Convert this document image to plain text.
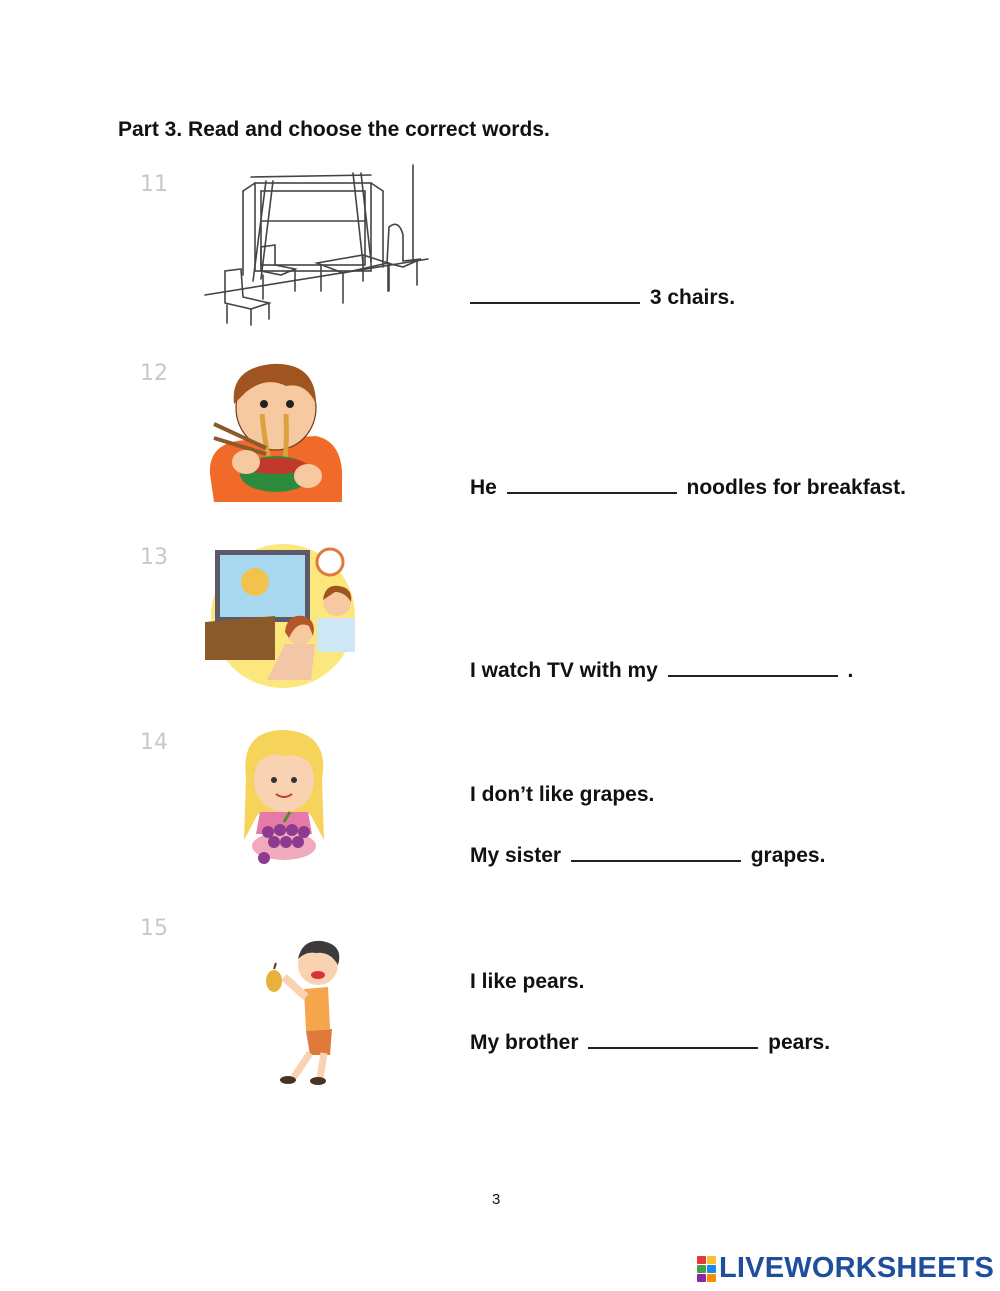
Part 3. Read and choose the correct words.
11
3 chairs.
12
He	noodles for breakfast.
13
I watch TV with my	.
14
I don’t like grapes.
My sister	grapes.
15
I like pears.
My brother	pears.
3
LIVEWORKSHEETS
